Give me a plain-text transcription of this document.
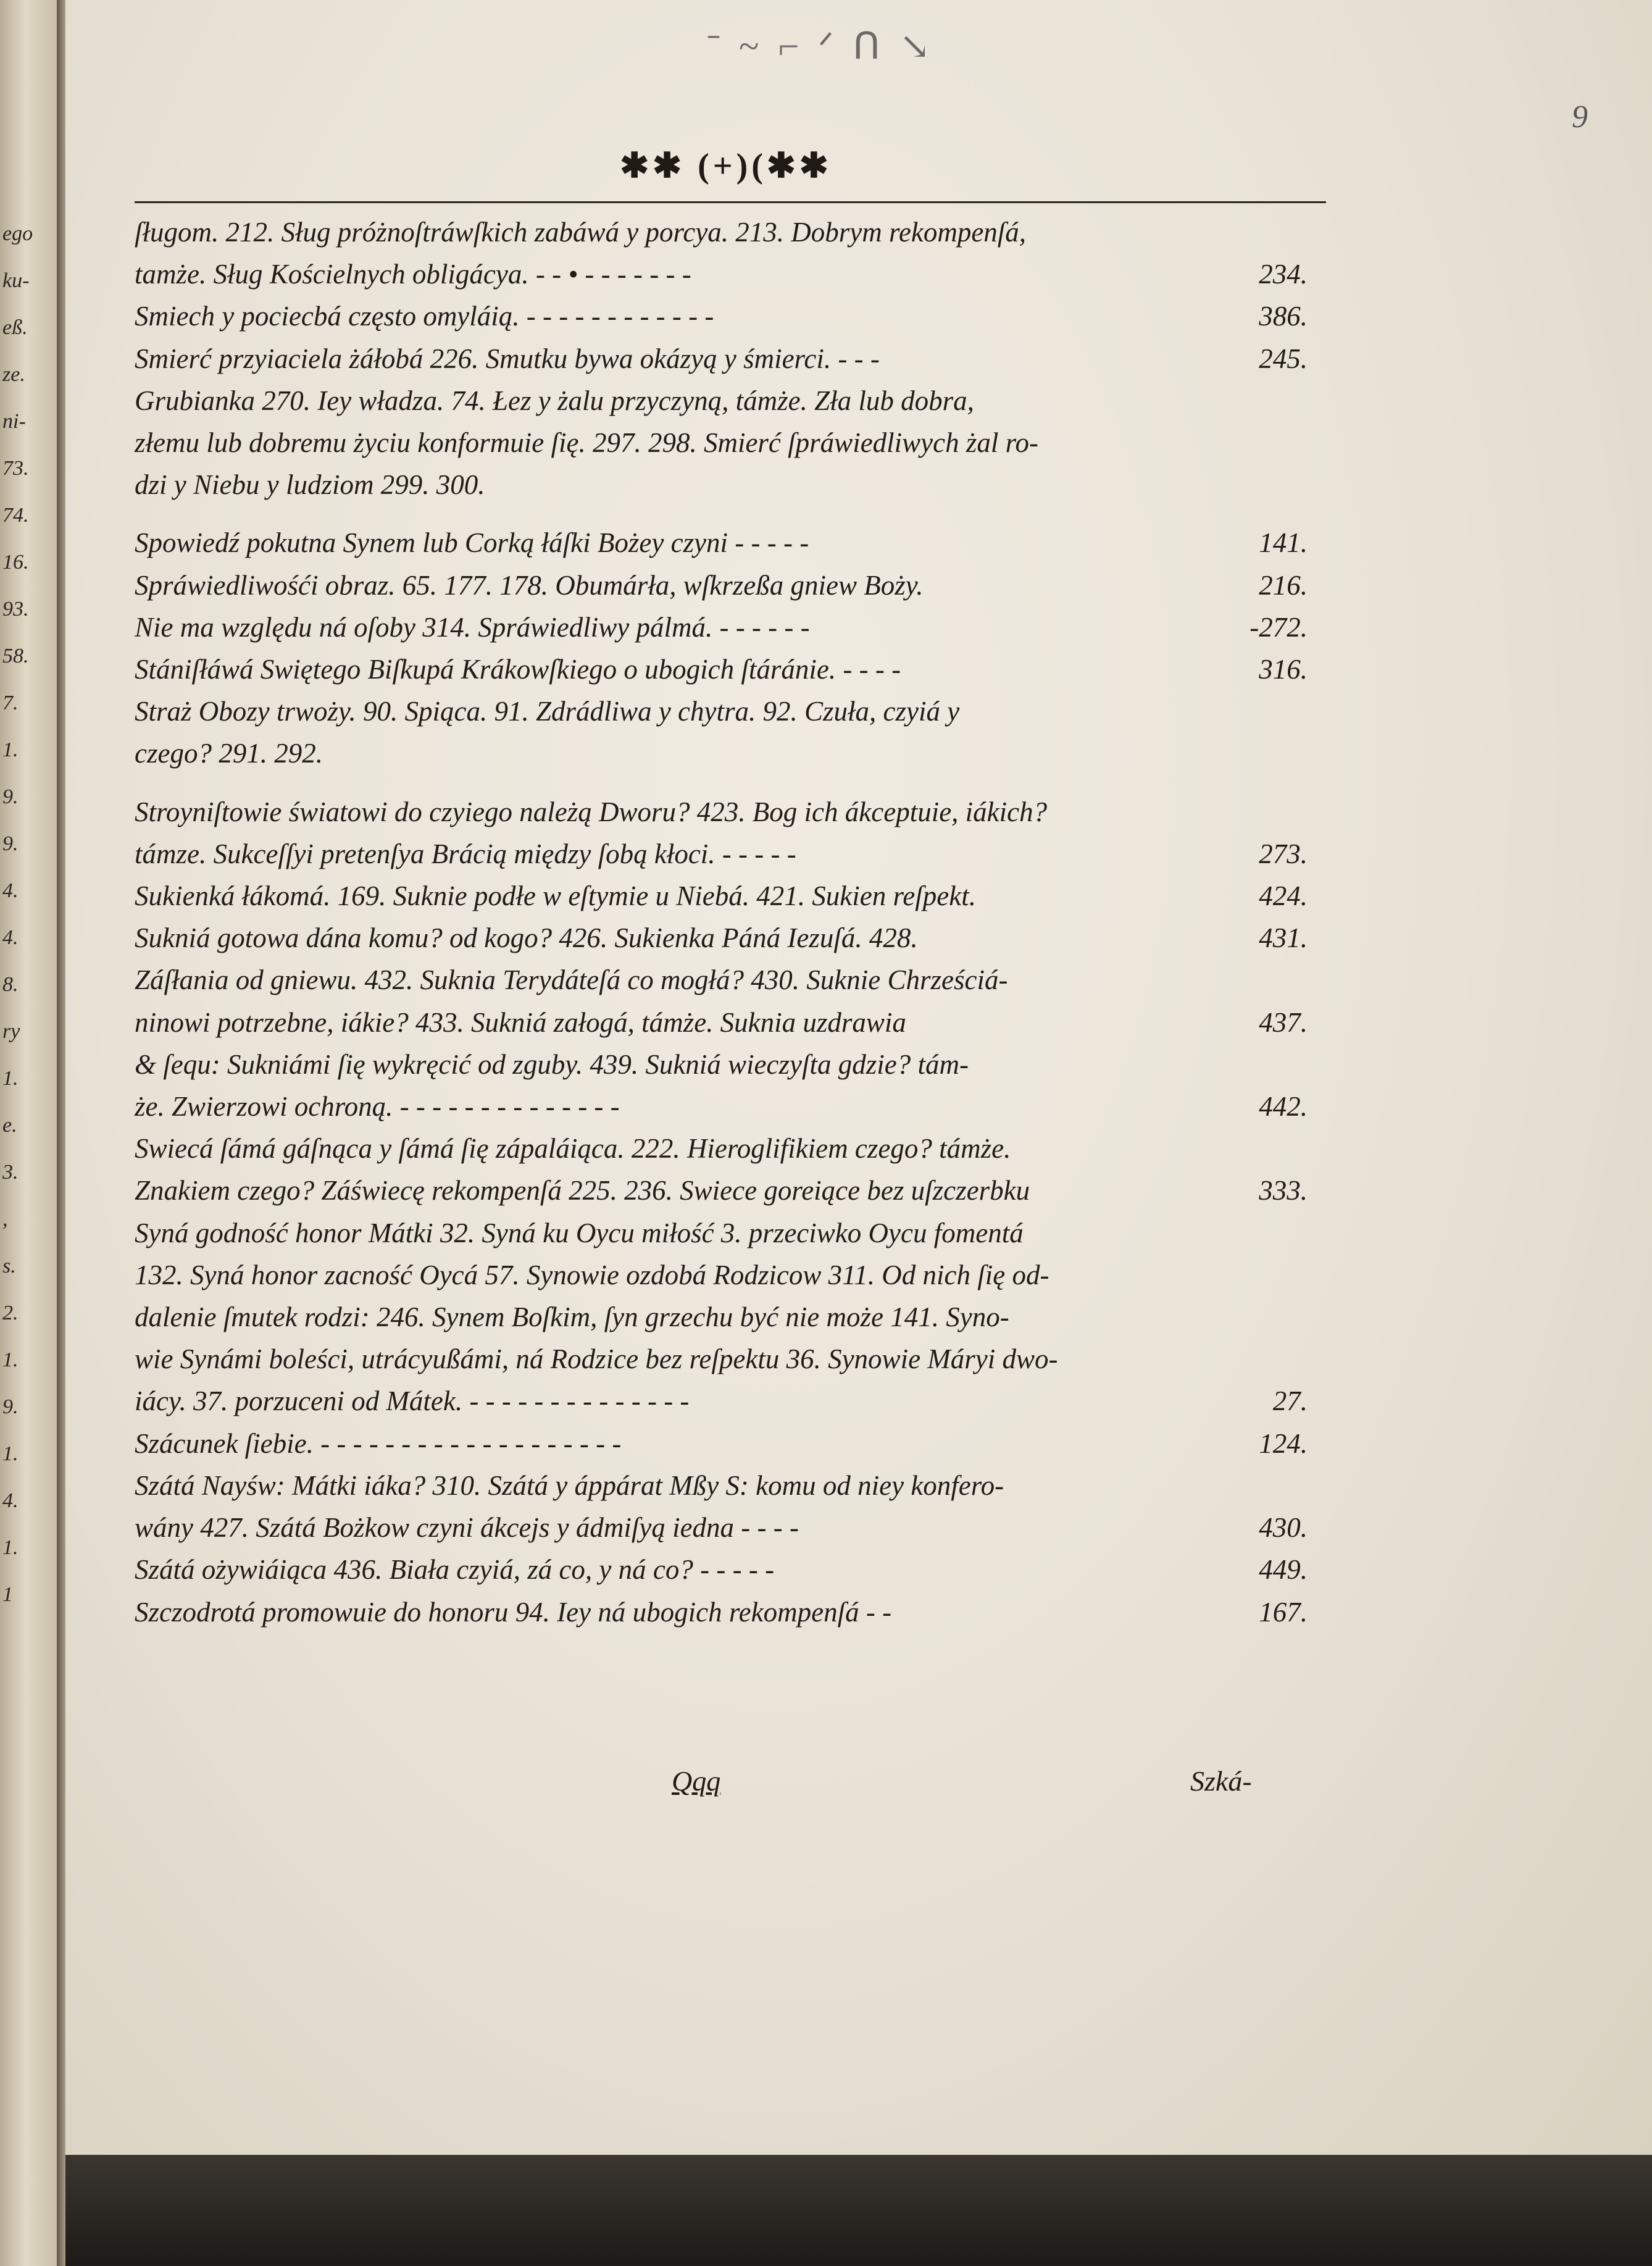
ego
ku-
eß.
ze.
ni-
73.
74.
16.
93.
58.
7.
1.
9.
9.
4.
4.
8.
ry
1.
e.
3.
,
s.
2.
1.
9.
1.
4.
1.
1
ˉ ~ ⌐ ᐟ ᑎ ↘
9
✱✱ (+)(✱✱
ſługom. 212. Sług próżnoſtráwſkich zabáwá y porcya. 213. Dobrym rekompenſá,
tamże. Sług Kościelnych obligácya. - - • - - - - - - -	234.
Smiech y pociecbá często omyláią. - - - - - - - - - - - -	386.
Smierć przyiaciela żáłobá 226. Smutku bywa okázyą y śmierci. - - -	245.
Grubianka 270. Iey władza. 74. Łez y żalu przyczyną, támże. Zła lub dobra,
złemu lub dobremu życiu konformuie ſię. 297. 298. Smierć ſpráwiedliwych żal ro-
dzi y Niebu y ludziom 299. 300.
Spowiedź pokutna Synem lub Corką łáſki Bożey czyni - - - - -	141.
Spráwiedliwośći obraz. 65. 177. 178. Obumárła, wſkrzeßa gniew Boży.	216.
Nie ma względu ná oſoby 314. Spráwiedliwy pálmá. - - - - - -	-272.
Stániſłáwá Swiętego Biſkupá Krákowſkiego o ubogich ſtáránie. - - - -	316.
Straż Obozy trwoży. 90. Spiąca. 91. Zdrádliwa y chytra. 92. Czuła, czyiá y
czego? 291. 292.
Stroyniſtowie światowi do czyiego należą Dworu? 423. Bog ich ákceptuie, iákich?
támze. Sukceſſyi pretenſya Brácią między ſobą kłoci. - - - - -	273.
Sukienká łákomá. 169. Suknie podłe w eſtymie u Niebá. 421. Sukien reſpekt.	424.
Sukniá gotowa dána komu? od kogo? 426. Sukienka Páná Iezuſá. 428.	431.
Záſłania od gniewu. 432. Suknia Terydáteſá co mogłá? 430. Suknie Chrześciá-
ninowi potrzebne, iákie? 433. Sukniá załogá, támże. Suknia uzdrawia	437.
& ſequ: Sukniámi ſię wykręcić od zguby. 439. Sukniá wieczyſta gdzie? tám-
że. Zwierzowi ochroną. - - - - - - - - - - - - - -	442.
Swiecá ſámá gáſnąca y ſámá ſię zápaláiąca. 222. Hieroglifikiem czego? támże.
Znakiem czego? Záświecę rekompenſá 225. 236. Swiece goreiące bez uſzczerbku	333.
Syná godność honor Mátki 32. Syná ku Oycu miłość 3. przeciwko Oycu fomentá
132. Syná honor zacność Oycá 57. Synowie ozdobá Rodzicow 311. Od nich ſię od-
dalenie ſmutek rodzi: 246. Synem Boſkim, ſyn grzechu być nie może 141. Syno-
wie Synámi boleści, utrácyußámi, ná Rodzice bez reſpektu 36. Synowie Máryi dwo-
iácy. 37. porzuceni od Mátek. - - - - - - - - - - - - - -	27.
Szácunek ſiebie. - - - - - - - - - - - - - - - - - - -	124.
Szátá Nayśw: Mátki iáka? 310. Szátá y áppárat Mßy S: komu od niey konfero-
wány 427. Szátá Bożkow czyni ákcejs y ádmiſyą iedna - - - -	430.
Szátá ożywiáiąca 436. Biała czyiá, zá co, y ná co? - - - - -	449.
Szczodrotá promowuie do honoru 94. Iey ná ubogich rekompenſá - -	167.
Qqq	Szká-
